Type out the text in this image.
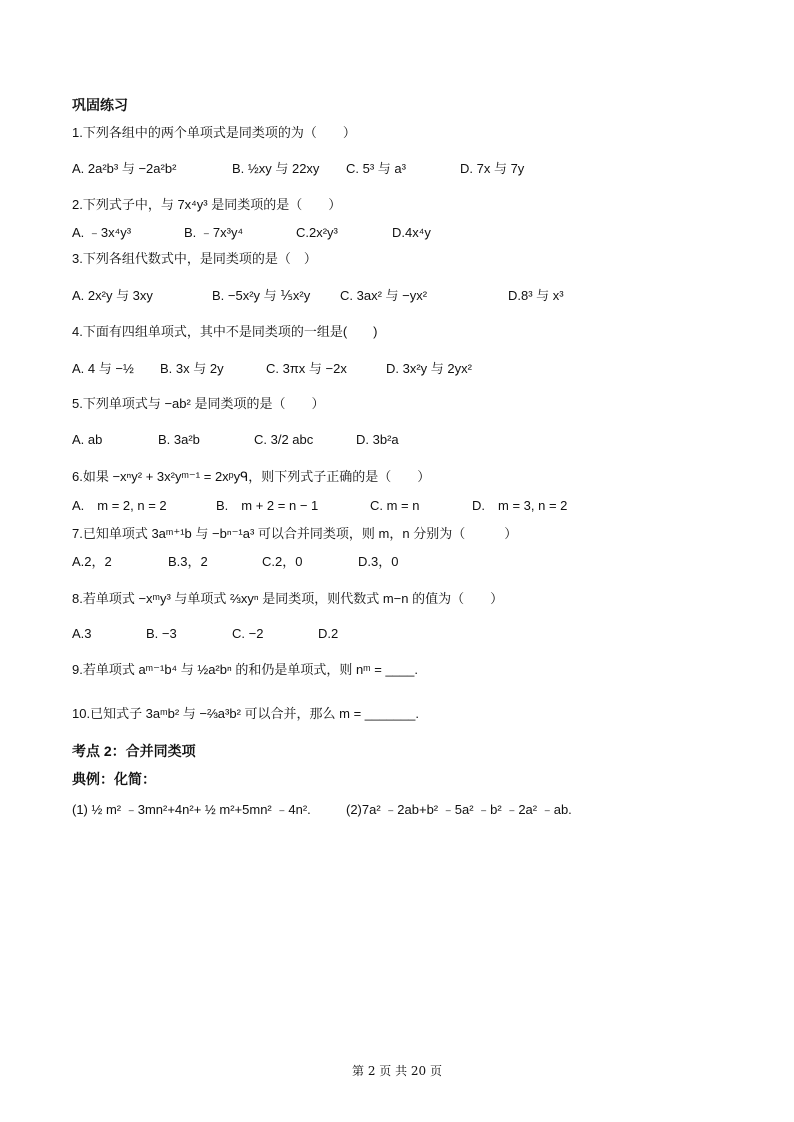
巩固练习
1.下列各组中的两个单项式是同类项的为（　　）
A. 2a²b³ 与 −2a²b²	B. ½xy 与 22xy C. 5³ 与 a³	D. 7x 与 7y
2.下列式子中，与 7x⁴y³ 是同类项的是（　　）
A. ﹣3x⁴y³	B. ﹣7x³y⁴	C.2x²y³	D.4x⁴y
3.下列各组代数式中，是同类项的是（　）
A. 2x²y 与 3xy	B. −5x²y 与 ⅕x²y C. 3ax² 与 −yx²	D.8³ 与 x³
4.下面有四组单项式，其中不是同类项的一组是(　　)
A. 4 与 −½ B. 3x 与 2y	C. 3πx 与 −2x	D. 3x²y 与 2yx²
5.下列单项式与 −ab² 是同类项的是（　　）
A. ab	B. 3a²b	C. 3/2 abc	D. 3b²a
6.如果 −xⁿy² + 3x²yᵐ⁻¹ = 2xᵖyᑫ，则下列式子正确的是（　　）
A.　m = 2, n = 2	B.　m + 2 = n − 1	C. m = n	D.　m = 3, n = 2
7.已知单项式 3aᵐ⁺¹b 与 −bⁿ⁻¹a³ 可以合并同类项，则 m，n 分别为（　　　）
A.2，2	B.3，2	C.2，0	D.3，0
8.若单项式 −xᵐy³ 与单项式 ⅔xyⁿ 是同类项，则代数式 m−n 的值为（　　）
A.3	B. −3	C. −2	D.2
9.若单项式 aᵐ⁻¹b⁴ 与 ½a²bⁿ 的和仍是单项式，则 nᵐ = ____.
10.已知式子 3aᵐb² 与 −⅔a³b² 可以合并，那么 m = _______.
考点 2：合并同类项
典例：化简：
(1) ½ m² ﹣3mn²+4n²+ ½ m²+5mn² ﹣4n².	(2)7a² ﹣2ab+b² ﹣5a² ﹣b² ﹣2a² ﹣ab.
第 2 页 共 20 页
